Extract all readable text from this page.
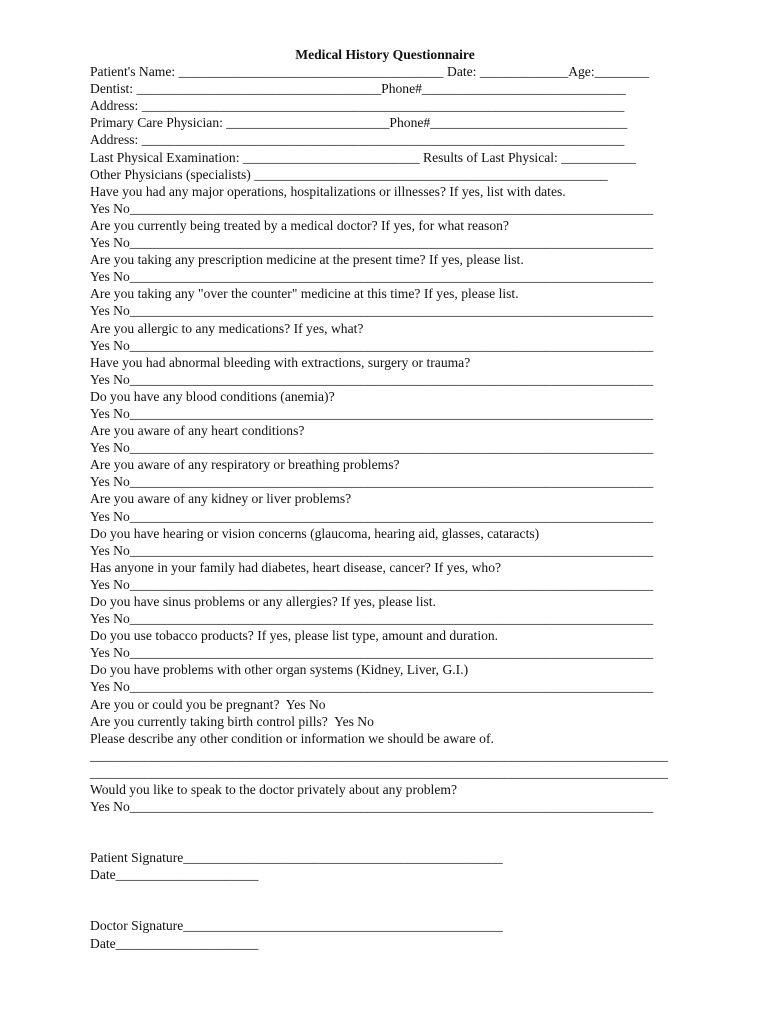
Medical History Questionnaire
Patient's Name: _______________________________________ Date: _____________Age:________
Dentist: ____________________________________Phone#______________________________
Address: _______________________________________________________________________
Primary Care Physician: ________________________Phone#_____________________________
Address: _______________________________________________________________________
Last Physical Examination: __________________________ Results of Last Physical: ___________
Other Physicians (specialists) ____________________________________________________
Have you had any major operations, hospitalizations or illnesses? If yes, list with dates.
Yes No_____________________________________________________________________________
Are you currently being treated by a medical doctor? If yes, for what reason?
Yes No_____________________________________________________________________________
Are you taking any prescription medicine at the present time? If yes, please list.
Yes No_____________________________________________________________________________
Are you taking any "over the counter" medicine at this time? If yes, please list.
Yes No_____________________________________________________________________________
Are you allergic to any medications? If yes, what?
Yes No_____________________________________________________________________________
Have you had abnormal bleeding with extractions, surgery or trauma?
Yes No_____________________________________________________________________________
Do you have any blood conditions (anemia)?
Yes No_____________________________________________________________________________
Are you aware of any heart conditions?
Yes No_____________________________________________________________________________
Are you aware of any respiratory or breathing problems?
Yes No_____________________________________________________________________________
Are you aware of any kidney or liver problems?
Yes No_____________________________________________________________________________
Do you have hearing or vision concerns (glaucoma, hearing aid, glasses, cataracts)
Yes No_____________________________________________________________________________
Has anyone in your family had diabetes, heart disease, cancer? If yes, who?
Yes No_____________________________________________________________________________
Do you have sinus problems or any allergies? If yes, please list.
Yes No_____________________________________________________________________________
Do you use tobacco products? If yes, please list type, amount and duration.
Yes No_____________________________________________________________________________
Do you have problems with other organ systems (Kidney, Liver, G.I.)
Yes No_____________________________________________________________________________
Are you or could you be pregnant?  Yes No
Are you currently taking birth control pills?  Yes No
Please describe any other condition or information we should be aware of.
_____________________________________________________________________________________
_____________________________________________________________________________________
Would you like to speak to the doctor privately about any problem?
Yes No_____________________________________________________________________________
Patient Signature_______________________________________________
Date_____________________
Doctor Signature_______________________________________________
Date_____________________
